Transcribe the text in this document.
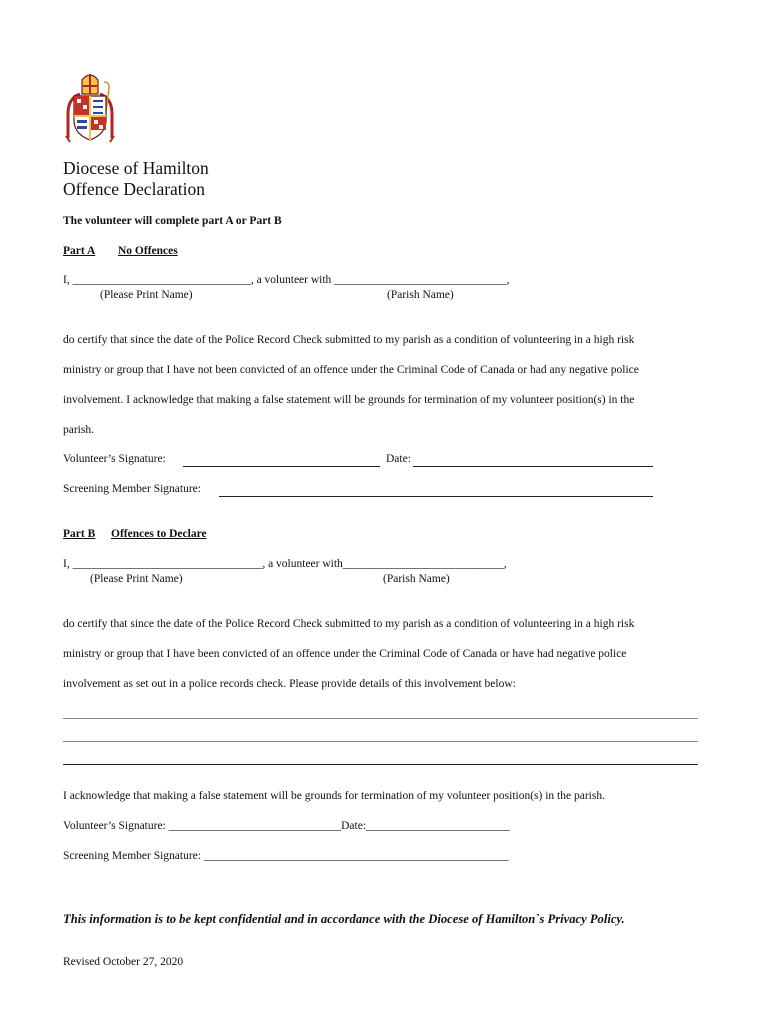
Diocese of Hamilton
Offence Declaration
The volunteer will complete part A or Part B
Part A No Offences
I, _______________________________, a volunteer with ______________________________,
(Please Print Name)	(Parish Name)
do certify that since the date of the Police Record Check submitted to my parish as a condition of volunteering in a high risk
ministry or group that I have not been convicted of an offence under the Criminal Code of Canada or had any negative police
involvement. I acknowledge that making a false statement will be grounds for termination of my volunteer position(s) in the
parish.
Volunteer’s Signature:	Date:
Screening Member Signature:
Part B Offences to Declare
I, _________________________________, a volunteer with____________________________,
(Please Print Name)	(Parish Name)
do certify that since the date of the Police Record Check submitted to my parish as a condition of volunteering in a high risk
ministry or group that I have been convicted of an offence under the Criminal Code of Canada or have had negative police
involvement as set out in a police records check. Please provide details of this involvement below:
I acknowledge that making a false statement will be grounds for termination of my volunteer position(s) in the parish.
Volunteer’s Signature: ______________________________Date:_________________________
Screening Member Signature: _____________________________________________________
This information is to be kept confidential and in accordance with the Diocese of Hamilton`s Privacy Policy.
Revised October 27, 2020
